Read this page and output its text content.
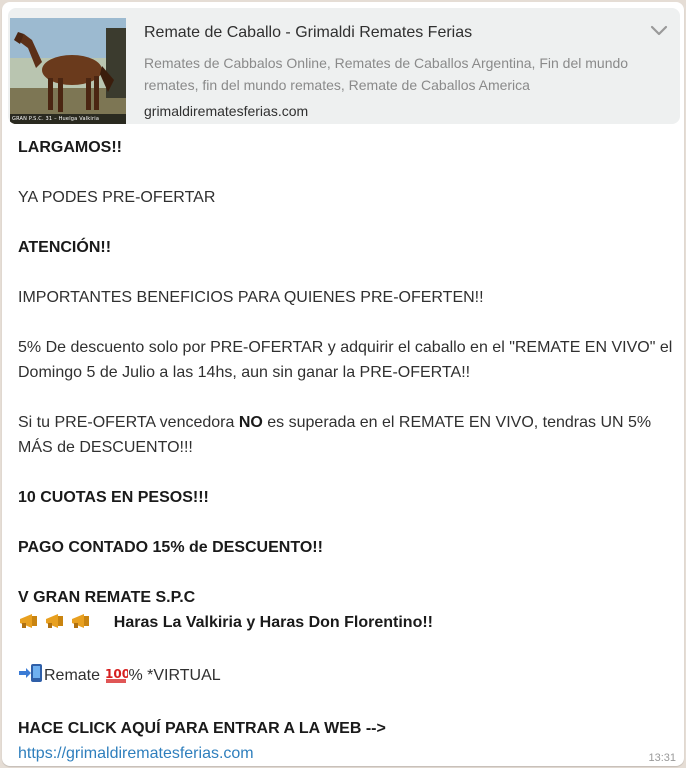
GRAN P.S.C. 31 – Huelga Valkiria
Remate de Caballo - Grimaldi Remates Ferias
Remates de Cabbalos Online, Remates de Caballos Argentina, Fin del mundo remates, fin del mundo remates, Remate de Caballos America
grimaldirematesferias.com

LARGAMOS!!

YA PODES PRE-OFERTAR

ATENCIÓN!!

IMPORTANTES BENEFICIOS PARA QUIENES PRE-OFERTEN!!

5% De descuento solo por PRE-OFERTAR y adquirir el caballo en el "REMATE EN VIVO" el Domingo 5 de Julio a las 14hs, aun sin ganar la PRE-OFERTA!!

Si tu PRE-OFERTA vencedora NO es superada en el REMATE EN VIVO, tendras UN 5% MÁS de DESCUENTO!!!

10 CUOTAS EN PESOS!!!

PAGO CONTADO 15% de DESCUENTO!!

V GRAN REMATE S.P.C

Haras La Valkiria y Haras Don Florentino!!

Remate 100
% *VIRTUAL

HACE CLICK AQUÍ PARA ENTRAR A LA WEB -->

https://grimaldirematesferias.com	13:31
